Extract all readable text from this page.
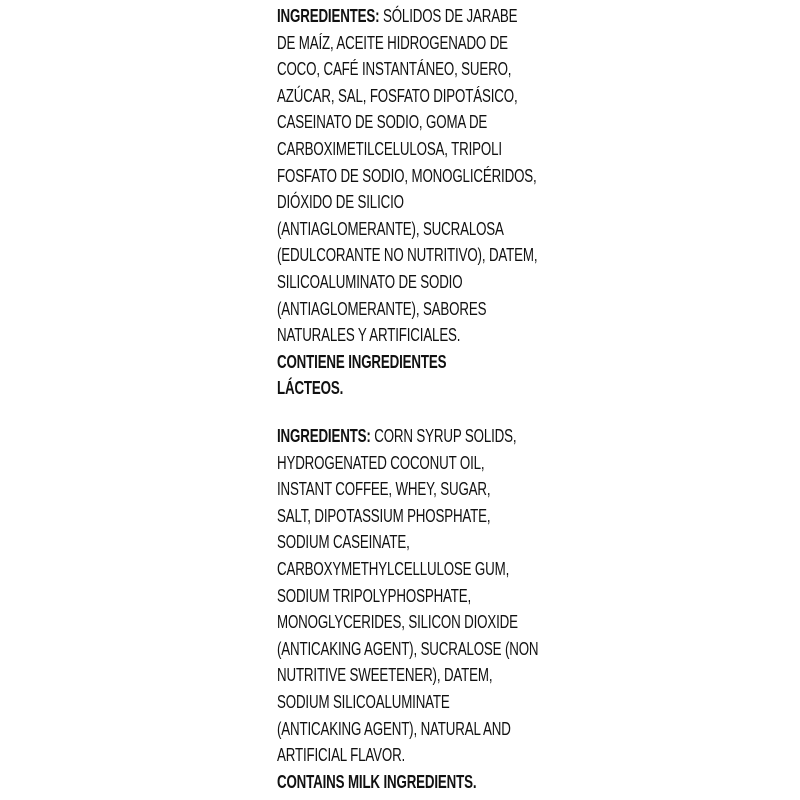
INGREDIENTES: SÓLIDOS DE JARABE
DE MAÍZ, ACEITE HIDROGENADO DE
COCO, CAFÉ INSTANTÁNEO, SUERO,
AZÚCAR, SAL, FOSFATO DIPOTÁSICO,
CASEINATO DE SODIO, GOMA DE
CARBOXIMETILCELULOSA, TRIPOLI
FOSFATO DE SODIO, MONOGLICÉRIDOS,
DIÓXIDO DE SILICIO
(ANTIAGLOMERANTE), SUCRALOSA
(EDULCORANTE NO NUTRITIVO), DATEM,
SILICOALUMINATO DE SODIO
(ANTIAGLOMERANTE), SABORES
NATURALES Y ARTIFICIALES.
CONTIENE INGREDIENTES
LÁCTEOS.
INGREDIENTS: CORN SYRUP SOLIDS,
HYDROGENATED COCONUT OIL,
INSTANT COFFEE, WHEY, SUGAR,
SALT, DIPOTASSIUM PHOSPHATE,
SODIUM CASEINATE,
CARBOXYMETHYLCELLULOSE GUM,
SODIUM TRIPOLYPHOSPHATE,
MONOGLYCERIDES, SILICON DIOXIDE
(ANTICAKING AGENT), SUCRALOSE (NON
NUTRITIVE SWEETENER), DATEM,
SODIUM SILICOALUMINATE
(ANTICAKING AGENT), NATURAL AND
ARTIFICIAL FLAVOR.
CONTAINS MILK INGREDIENTS.
